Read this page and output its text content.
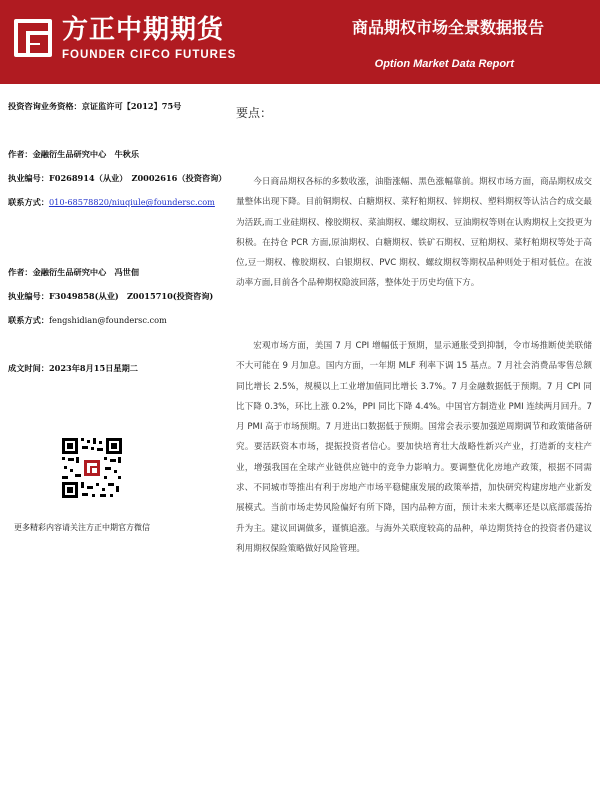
方正中期期货
FOUNDER CIFCO FUTURES
商品期权市场全景数据报告
Option Market Data Report
投资咨询业务资格：京证监许可【2012】75号
作者：金融衍生品研究中心　牛秋乐
执业编号：F0268914（从业）　Z0002616（投资咨询）
联系方式：010-68578820/niuqiule@foundersc.com
作者：金融衍生品研究中心　冯世佃
执业编号：F3049858(从业)　Z0015710(投资咨询)
联系方式：fengshidian@foundersc.com
成文时间：2023年8月15日星期二
更多精彩内容请关注方正中期官方微信
要点：
今日商品期权各标的多数收涨，油脂涨幅、黑色涨幅靠前。期权市场方面，商品期权成交量整体出现下降。目前铜期权、白糖期权、菜籽粕期权、锌期权、塑料期权等认沽合约成交最为活跃,而工业硅期权、橡胶期权、菜油期权、螺纹期权、豆油期权等则在认购期权上交投更为积极。在持仓 PCR 方面,原油期权、白糖期权、铁矿石期权、豆粕期权、菜籽粕期权等处于高位,豆一期权、橡胶期权、白银期权、PVC 期权、螺纹期权等期权品种则处于相对低位。在波动率方面,目前各个品种期权隐波回落，整体处于历史均值下方。
宏观市场方面，美国 7 月 CPI 增幅低于预期，显示通胀受到抑制，令市场推断使美联储不大可能在 9 月加息。国内方面，一年期 MLF 利率下调 15 基点。7 月社会消费品零售总额同比增长 2.5%，规模以上工业增加值同比增长 3.7%。7 月金融数据低于预期。7 月 CPI 同比下降 0.3%，环比上涨 0.2%，PPI 同比下降 4.4%。中国官方制造业 PMI 连续两月回升。7 月 PMI 高于市场预期。7 月进出口数据低于预期。国常会表示要加强逆周期调节和政策储备研究。要活跃资本市场，提振投资者信心。要加快培育壮大战略性新兴产业，打造新的支柱产业，增强我国在全球产业链供应链中的竞争力影响力。要调整优化房地产政策，根据不同需求、不同城市等推出有利于房地产市场平稳健康发展的政策举措，加快研究构建房地产业新发展模式。当前市场走势风险偏好有所下降，国内品种方面，预计未来大概率还是以底部震荡抬升为主。建议回调做多，谨慎追涨。与海外关联度较高的品种，单边期货持仓的投资者仍建议利用期权保险策略做好风险管理。
